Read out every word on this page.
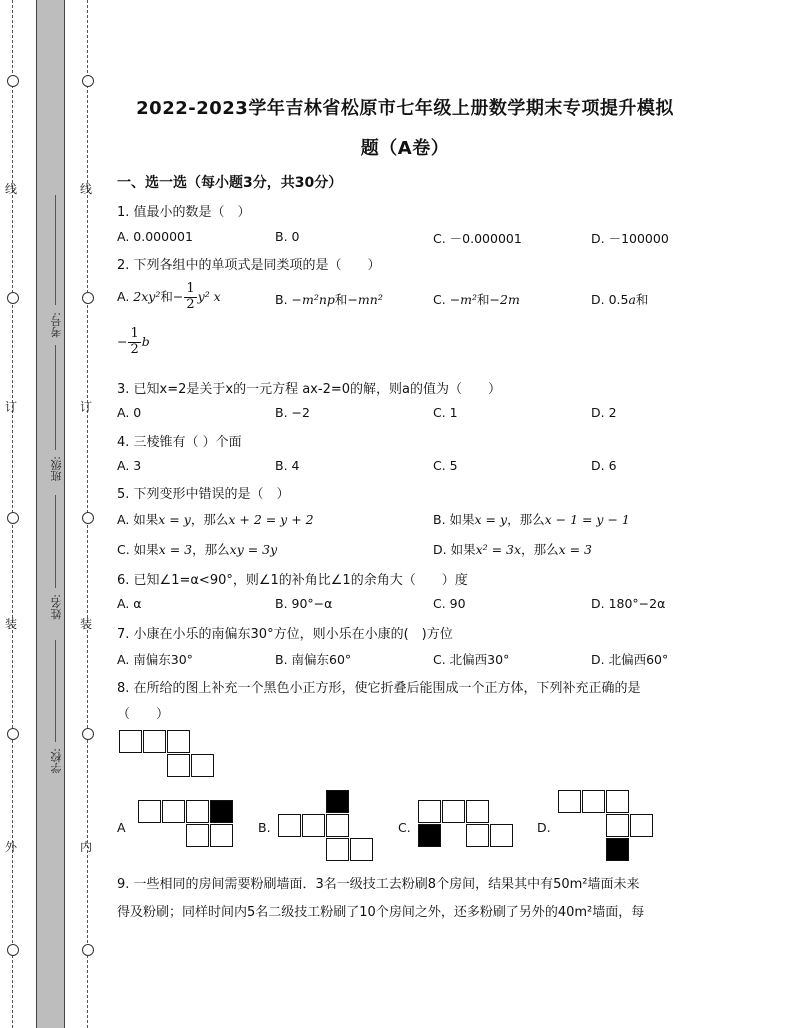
线
订
装
外
线
订
装
内
考号:
班级:
姓名:
学校:
2022-2023学年吉林省松原市七年级上册数学期末专项提升模拟
题（A卷）
一、选一选（每小题3分，共30分）
1. 值最小的数是（　）
A. 0.000001	B. 0	C. －0.000001	D. －100000
2. 下列各组中的单项式是同类项的是（　　）
A. 2xy²和− $\frac{1}{2} y^2$ x	B. −m²np和−mn²	C. −m²和−2m	D. 0.5a和
− $\frac{1}{2}$ b
3. 已知x=2是关于x的一元方程 ax-2=0的解，则a的值为（　　）
A. 0	B. −2	C. 1	D. 2
4. 三棱锥有（ ）个面
A. 3	B. 4	C. 5	D. 6
5. 下列变形中错误的是（　）
A. 如果x = y，那么x + 2 = y + 2	B. 如果x = y，那么x − 1 = y − 1
C. 如果x = 3，那么xy = 3y	D. 如果x² = 3x，那么x = 3
6. 已知∠1=α<90°，则∠1的补角比∠1的余角大（　　）度
A. α	B. 90°−α	C. 90	D. 180°−2α
7. 小康在小乐的南偏东30°方位，则小乐在小康的(　)方位
A. 南偏东30°	B. 南偏东60°	C. 北偏西30°	D. 北偏西60°
8. 在所给的图上补充一个黑色小正方形，使它折叠后能围成一个正方体，下列补充正确的是
（　　）
A	B.	C.	D.
9. 一些相同的房间需要粉刷墙面．3名一级技工去粉刷8个房间，结果其中有50m²墙面未来
得及粉刷；同样时间内5名二级技工粉刷了10个房间之外，还多粉刷了另外的40m²墙面，每
